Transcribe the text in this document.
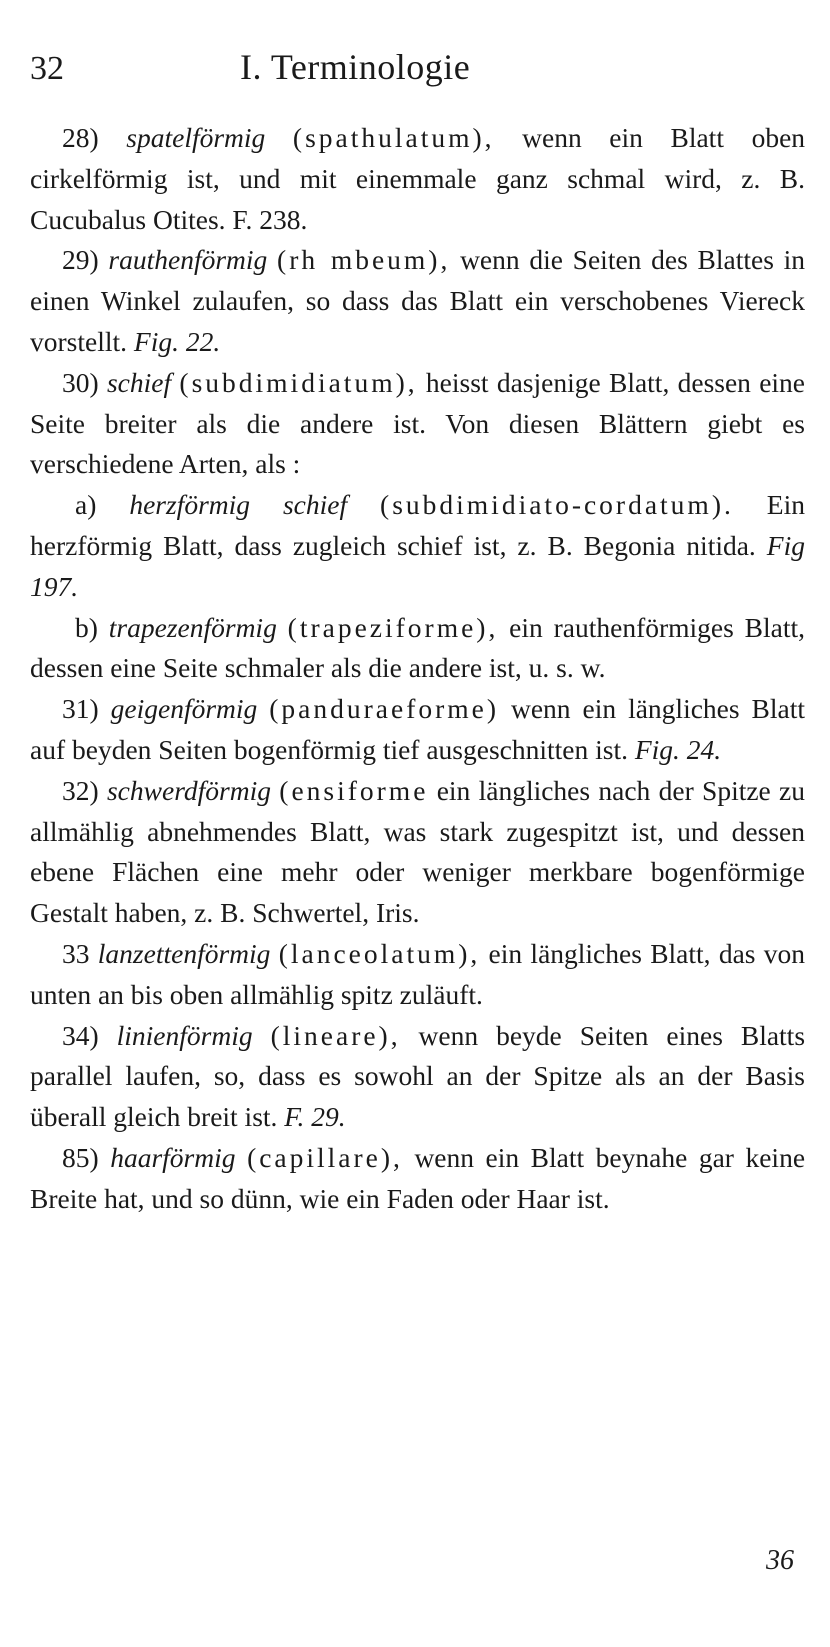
32	I. Terminologie

28) spatelförmig (spathulatum), wenn ein Blatt oben cirkelförmig ist, und mit einemmale ganz schmal wird, z. B. Cucubalus Otites. F. 238.

29) rauthenförmig (rh mbeum), wenn die Seiten des Blattes in einen Winkel zulaufen, so dass das Blatt ein verschobenes Viereck vorstellt. Fig. 22.

30) schief (subdimidiatum), heisst dasjenige Blatt, dessen eine Seite breiter als die andere ist. Von diesen Blättern giebt es verschiedene Arten, als :

a) herzförmig schief (subdimidiato-cordatum). Ein herzförmig Blatt, dass zugleich schief ist, z. B. Begonia nitida. Fig 197.

b) trapezenförmig (trapeziforme), ein rauthenförmiges Blatt, dessen eine Seite schmaler als die andere ist, u. s. w.

31) geigenförmig (panduraeforme) wenn ein längliches Blatt auf beyden Seiten bogenförmig tief ausgeschnitten ist. Fig. 24.

32) schwerdförmig (ensiforme ein längliches nach der Spitze zu allmählig abnehmendes Blatt, was stark zugespitzt ist, und dessen ebene Flächen eine mehr oder weniger merkbare bogenförmige Gestalt haben, z. B. Schwertel, Iris.

33 lanzettenförmig (lanceolatum), ein längliches Blatt, das von unten an bis oben allmählig spitz zuläuft.

34) linienförmig (lineare), wenn beyde Seiten eines Blatts parallel laufen, so, dass es sowohl an der Spitze als an der Basis überall gleich breit ist. F. 29.

85) haarförmig (capillare), wenn ein Blatt beynahe gar keine Breite hat, und so dünn, wie ein Faden oder Haar ist.

36
